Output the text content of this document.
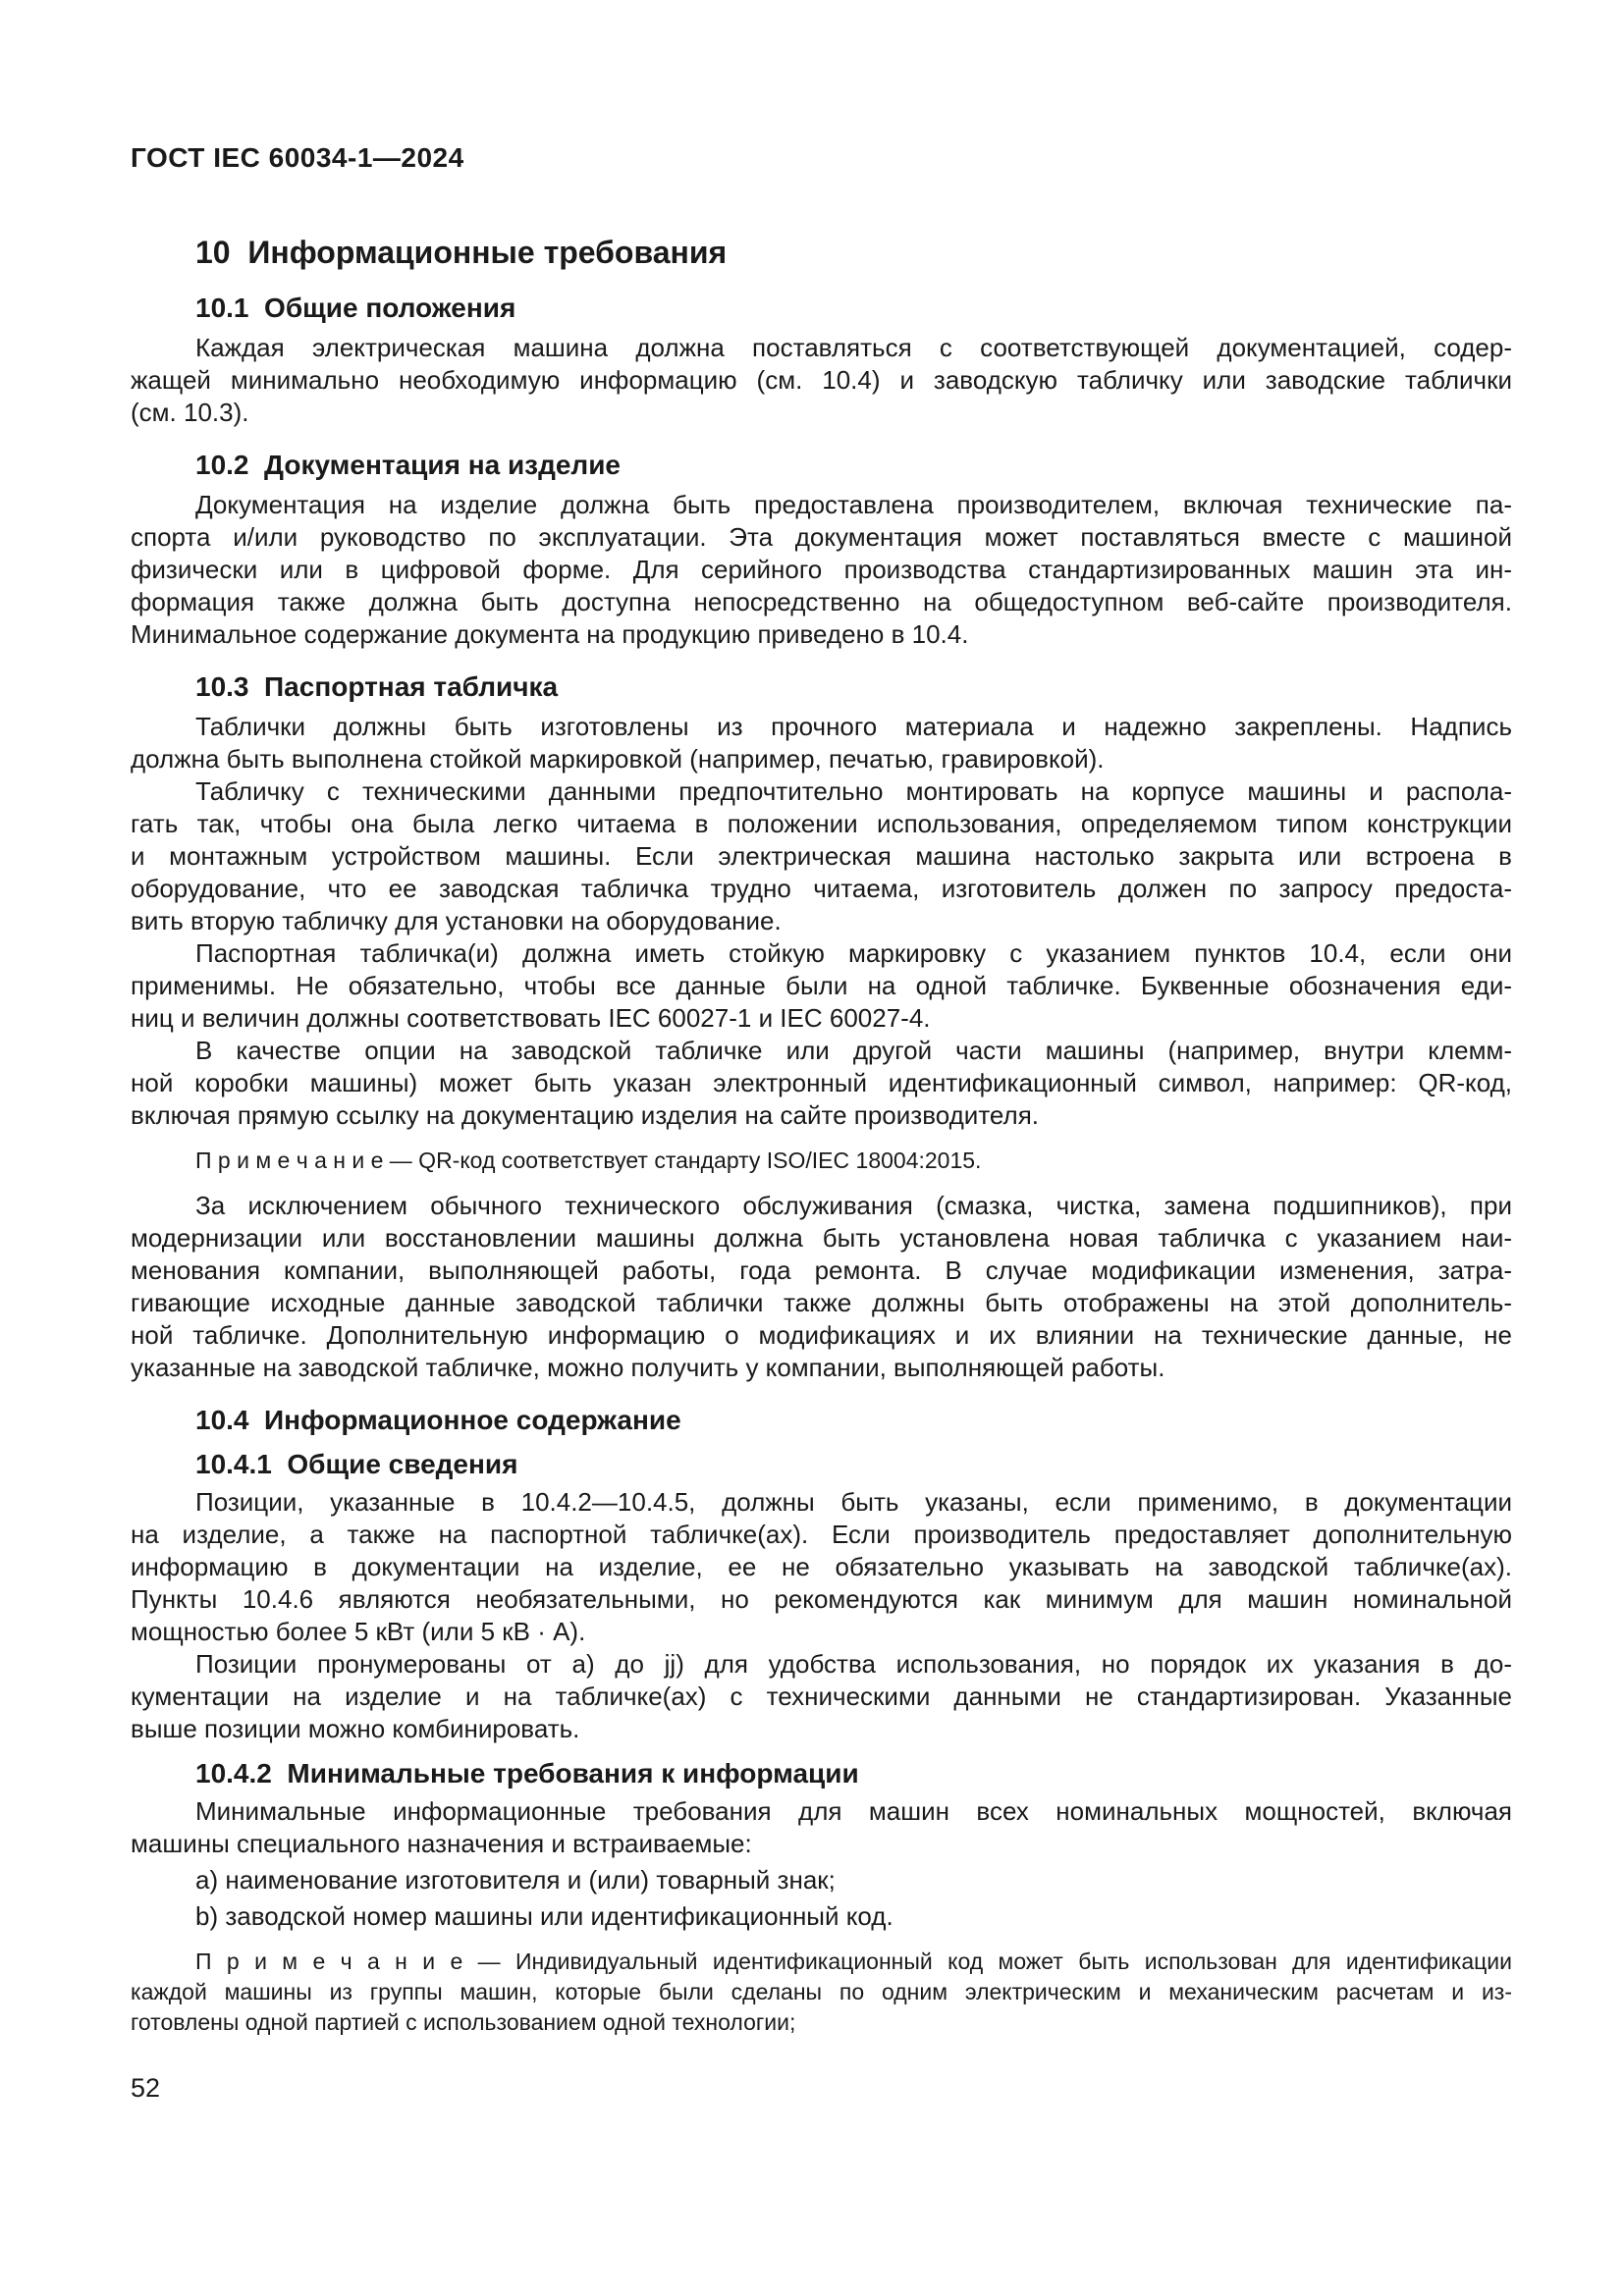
ГОСТ IEC 60034-1—2024
10  Информационные требования
10.1  Общие положения
Каждая электрическая машина должна поставляться с соответствующей документацией, содер-
жащей минимально необходимую информацию (см. 10.4) и заводскую табличку или заводские таблички
(см. 10.3).
10.2  Документация на изделие
Документация на изделие должна быть предоставлена производителем, включая технические па-
спорта и/или руководство по эксплуатации. Эта документация может поставляться вместе с машиной
физически или в цифровой форме. Для серийного производства стандартизированных машин эта ин-
формация также должна быть доступна непосредственно на общедоступном веб-сайте производителя.
Минимальное содержание документа на продукцию приведено в 10.4.
10.3  Паспортная табличка
Таблички должны быть изготовлены из прочного материала и надежно закреплены. Надпись
должна быть выполнена стойкой маркировкой (например, печатью, гравировкой).
Табличку с техническими данными предпочтительно монтировать на корпусе машины и распола-
гать так, чтобы она была легко читаема в положении использования, определяемом типом конструкции
и монтажным устройством машины. Если электрическая машина настолько закрыта или встроена в
оборудование, что ее заводская табличка трудно читаема, изготовитель должен по запросу предоста-
вить вторую табличку для установки на оборудование.
Паспортная табличка(и) должна иметь стойкую маркировку с указанием пунктов 10.4, если они
применимы. Не обязательно, чтобы все данные были на одной табличке. Буквенные обозначения еди-
ниц и величин должны соответствовать IEC 60027-1 и IEC 60027-4.
В качестве опции на заводской табличке или другой части машины (например, внутри клемм-
ной коробки машины) может быть указан электронный идентификационный символ, например: QR-код,
включая прямую ссылку на документацию изделия на сайте производителя.
П р и м е ч а н и е — QR-код соответствует стандарту ISO/IEC 18004:2015.
За исключением обычного технического обслуживания (смазка, чистка, замена подшипников), при
модернизации или восстановлении машины должна быть установлена новая табличка с указанием наи-
менования компании, выполняющей работы, года ремонта. В случае модификации изменения, затра-
гивающие исходные данные заводской таблички также должны быть отображены на этой дополнитель-
ной табличке. Дополнительную информацию о модификациях и их влиянии на технические данные, не
указанные на заводской табличке, можно получить у компании, выполняющей работы.
10.4  Информационное содержание
10.4.1  Общие сведения
Позиции, указанные в 10.4.2—10.4.5, должны быть указаны, если применимо, в документации
на изделие, а также на паспортной табличке(ах). Если производитель предоставляет дополнительную
информацию в документации на изделие, ее не обязательно указывать на заводской табличке(ах).
Пункты 10.4.6 являются необязательными, но рекомендуются как минимум для машин номинальной
мощностью более 5 кВт (или 5 кВ · А).
Позиции пронумерованы от a) до jj) для удобства использования, но порядок их указания в до-
кументации на изделие и на табличке(ах) с техническими данными не стандартизирован. Указанные
выше позиции можно комбинировать.
10.4.2  Минимальные требования к информации
Минимальные информационные требования для машин всех номинальных мощностей, включая
машины специального назначения и встраиваемые:
a) наименование изготовителя и (или) товарный знак;
b) заводской номер машины или идентификационный код.
П р и м е ч а н и е — Индивидуальный идентификационный код может быть использован для идентификации
каждой машины из группы машин, которые были сделаны по одним электрическим и механическим расчетам и из-
готовлены одной партией с использованием одной технологии;
52
